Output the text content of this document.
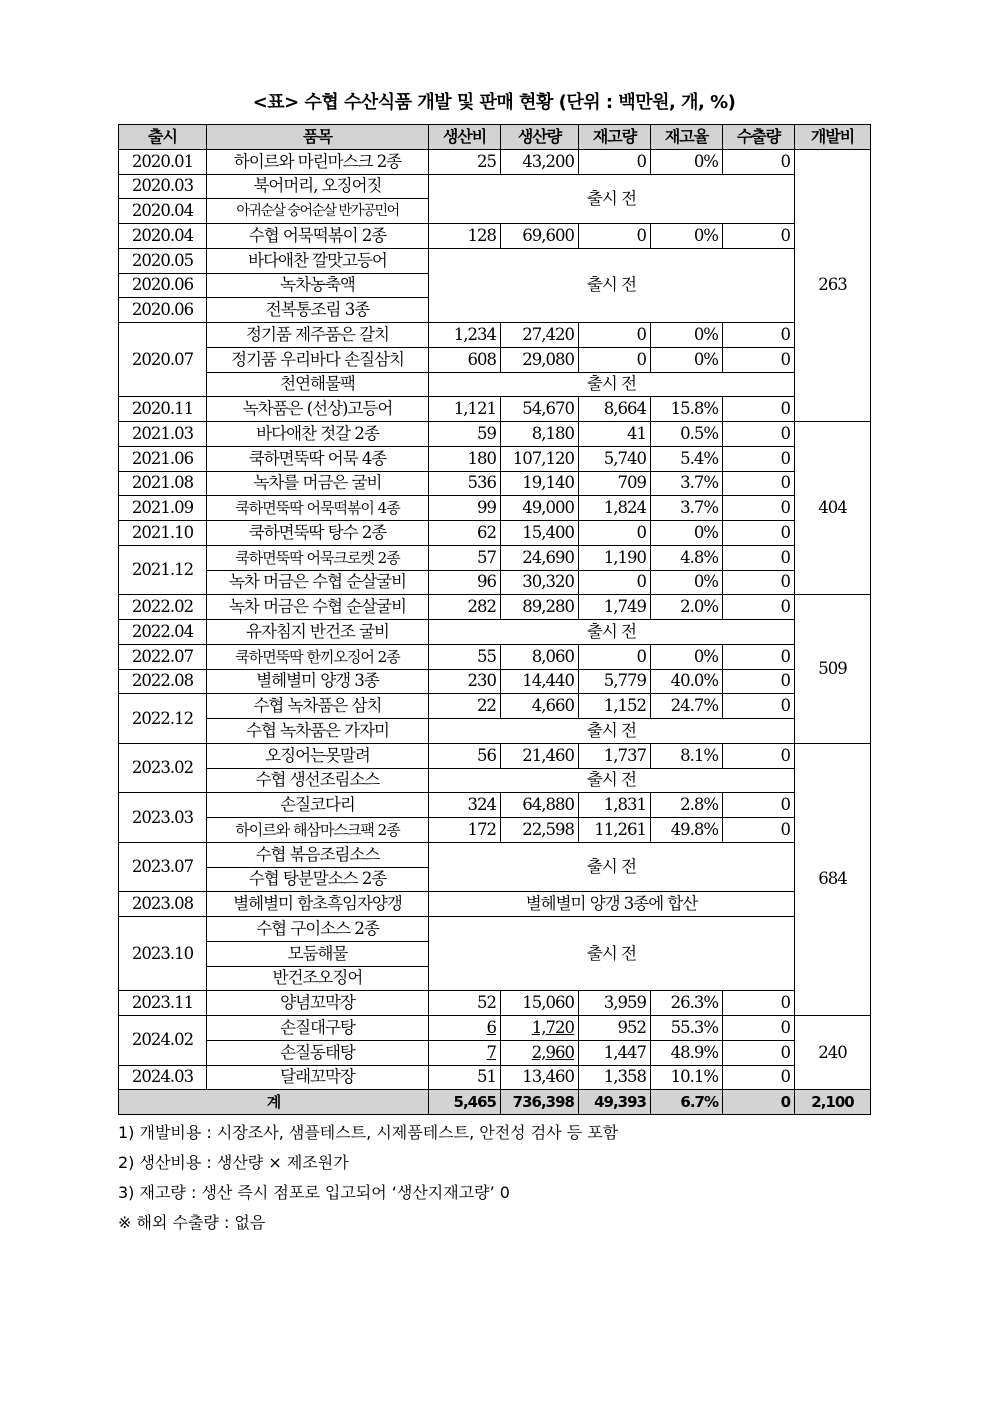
<표> 수협 수산식품 개발 및 판매 현황 (단위 : 백만원, 개, %)
출시	품목	생산비	생산량	재고량	재고율	수출량	개발비
2020.01	하이르와 마린마스크 2종	25	43,200	0	0%	0	263
2020.03	북어머리, 오징어짓	출시 전					
2020.04	아귀순살 숭어순살 반가공민어						
2020.04	수협 어묵떡볶이 2종	128	69,600	0	0%	0	
2020.05	바다애찬 깔맛고등어	출시 전					
2020.06	녹차농축액						
2020.06	전복통조림 3종						
2020.07	정기품 제주품은 갈치	1,234	27,420	0	0%	0	
	정기품 우리바다 손질삼치	608	29,080	0	0%	0	
	천연해물팩	출시 전					
2020.11	녹차품은 (선상)고등어	1,121	54,670	8,664	15.8%	0	
2021.03	바다애찬 젓갈 2종	59	8,180	41	0.5%	0	404
2021.06	쿡하면뚝딱 어묵 4종	180	107,120	5,740	5.4%	0	
2021.08	녹차를 머금은 굴비	536	19,140	709	3.7%	0	
2021.09	쿡하면뚝딱 어묵떡볶이 4종	99	49,000	1,824	3.7%	0	
2021.10	쿡하면뚝딱 탕수 2종	62	15,400	0	0%	0	
2021.12	쿡하면뚝딱 어묵크로켓 2종	57	24,690	1,190	4.8%	0	
	녹차 머금은 수협 순살굴비	96	30,320	0	0%	0	
2022.02	녹차 머금은 수협 순살굴비	282	89,280	1,749	2.0%	0	509
2022.04	유자침지 반건조 굴비	출시 전					
2022.07	쿡하면뚝딱 한끼오징어 2종	55	8,060	0	0%	0	
2022.08	별헤별미 양갱 3종	230	14,440	5,779	40.0%	0	
2022.12	수협 녹차품은 삼치	22	4,660	1,152	24.7%	0	
	수협 녹차품은 가자미	출시 전					
2023.02	오징어는못말려	56	21,460	1,737	8.1%	0	684
	수협 생선조림소스	출시 전					
2023.03	손질코다리	324	64,880	1,831	2.8%	0	
	하이르와 해삼마스크팩 2종	172	22,598	11,261	49.8%	0	
2023.07	수협 볶음조림소스	출시 전					
	수협 탕분말소스 2종						
2023.08	별헤별미 함초흑임자양갱	별헤별미 양갱 3종에 합산					
2023.10	수협 구이소스 2종	출시 전					
	모둠해물						
	반건조오징어						
2023.11	양념꼬막장	52	15,060	3,959	26.3%	0	
2024.02	손질대구탕	6	1,720	952	55.3%	0	240
	손질동태탕	7	2,960	1,447	48.9%	0	
2024.03	달래꼬막장	51	13,460	1,358	10.1%	0	
계		5,465	736,398	49,393	6.7%	0	2,100
1) 개발비용 : 시장조사, 샘플테스트, 시제품테스트, 안전성 검사 등 포함
2) 생산비용 : 생산량 × 제조원가
3) 재고량 : 생산 즉시 점포로 입고되어 ‘생산지재고량’ 0
※ 해외 수출량 : 없음
